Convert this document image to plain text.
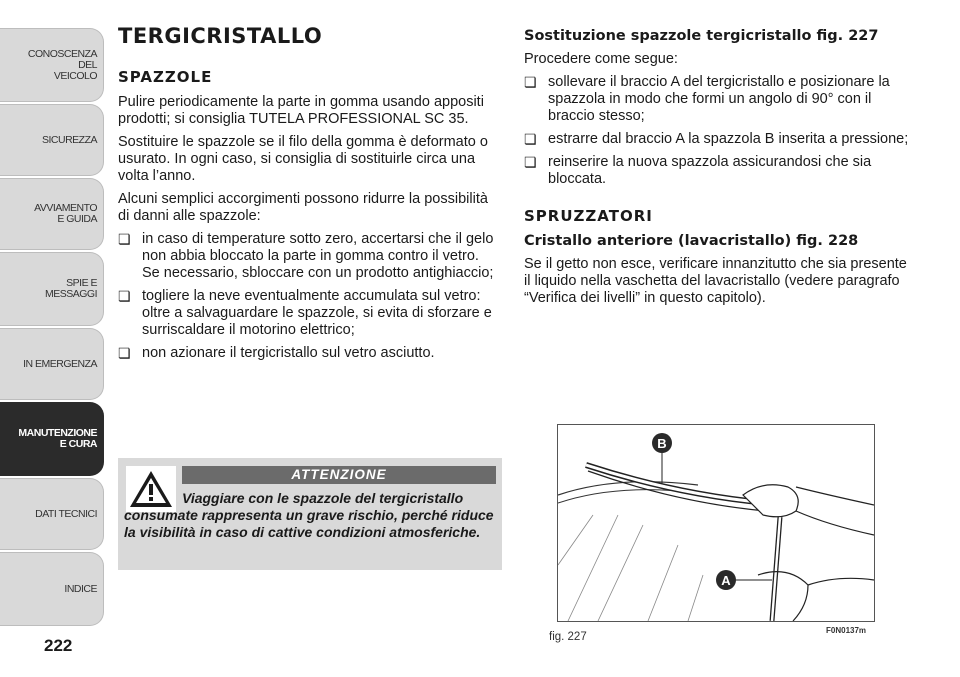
CONOSCENZA
DEL
VEICOLO
SICUREZZA
AVVIAMENTO
E GUIDA
SPIE E
MESSAGGI
IN EMERGENZA
MANUTENZIONE
E CURA
DATI TECNICI
INDICE
222
TERGICRISTALLO
SPAZZOLE

Pulire periodicamente la parte in gomma usando appositi prodotti; si consiglia TUTELA PROFESSIONAL SC 35.

Sostituire le spazzole se il filo della gomma è deformato o usurato. In ogni caso, si consiglia di sostituirle circa una volta l’anno.

Alcuni semplici accorgimenti possono ridurre la possibilità di danni alle spazzole:

❏ in caso di temperature sotto zero, accertarsi che il gelo non abbia bloccato la parte in gomma contro il vetro. Se necessario, sbloccare con un prodotto antighiaccio;
❏ togliere la neve eventualmente accumulata sul vetro: oltre a salvaguardare le spazzole, si evita di sforzare e surriscaldare il motorino elettrico;
❏ non azionare il tergicristallo sul vetro asciutto.
ATTENZIONE
Viaggiare con le spazzole del tergicristallo consumate rappresenta un grave rischio, perché riduce la visibilità in caso di cattive condizioni atmosferiche.
Sostituzione spazzole tergicristallo fig. 227

Procedere come segue:

❏ sollevare il braccio A del tergicristallo e posizionare la spazzola in modo che formi un angolo di 90° con il braccio stesso;
❏ estrarre dal braccio A la spazzola B inserita a pressione;
❏ reinserire la nuova spazzola assicurandosi che sia bloccata.
SPRUZZATORI
Cristallo anteriore (lavacristallo) fig. 228

Se il getto non esce, verificare innanzitutto che sia presente il liquido nella vaschetta del lavacristallo (vedere paragrafo “Verifica dei livelli” in questo capitolo).

B
A
fig. 227
F0N0137m
